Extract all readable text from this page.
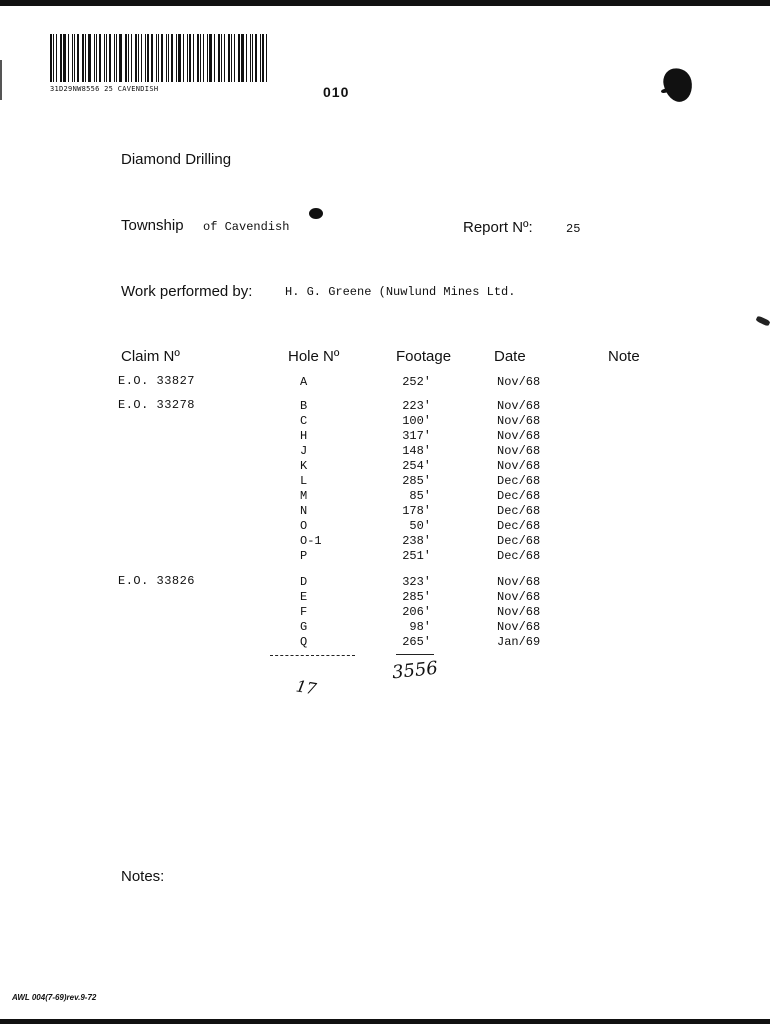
31D29NW8556 25 CAVENDISH	010
Diamond Drilling
Township of Cavendish	Report Nº:	25
Work performed by:	H. G. Greene (Nuwlund Mines Ltd.
Claim Nº	Hole Nº	Footage	Date	Note
E.O. 33827	A	252'	Nov/68
E.O. 33278	B	223'	Nov/68
C	100'	Nov/68
H	317'	Nov/68
J	148'	Nov/68
K	254'	Nov/68
L	285'	Dec/68
M	85'	Dec/68
N	178'	Dec/68
O	50'	Dec/68
O-1	238'	Dec/68
P	251'	Dec/68
E.O. 33826	D	323'	Nov/68
E	285'	Nov/68
F	206'	Nov/68
G	98'	Nov/68
Q	265'	Jan/69
3556
17
Notes:
AWL 004(7-69)rev.9-72
